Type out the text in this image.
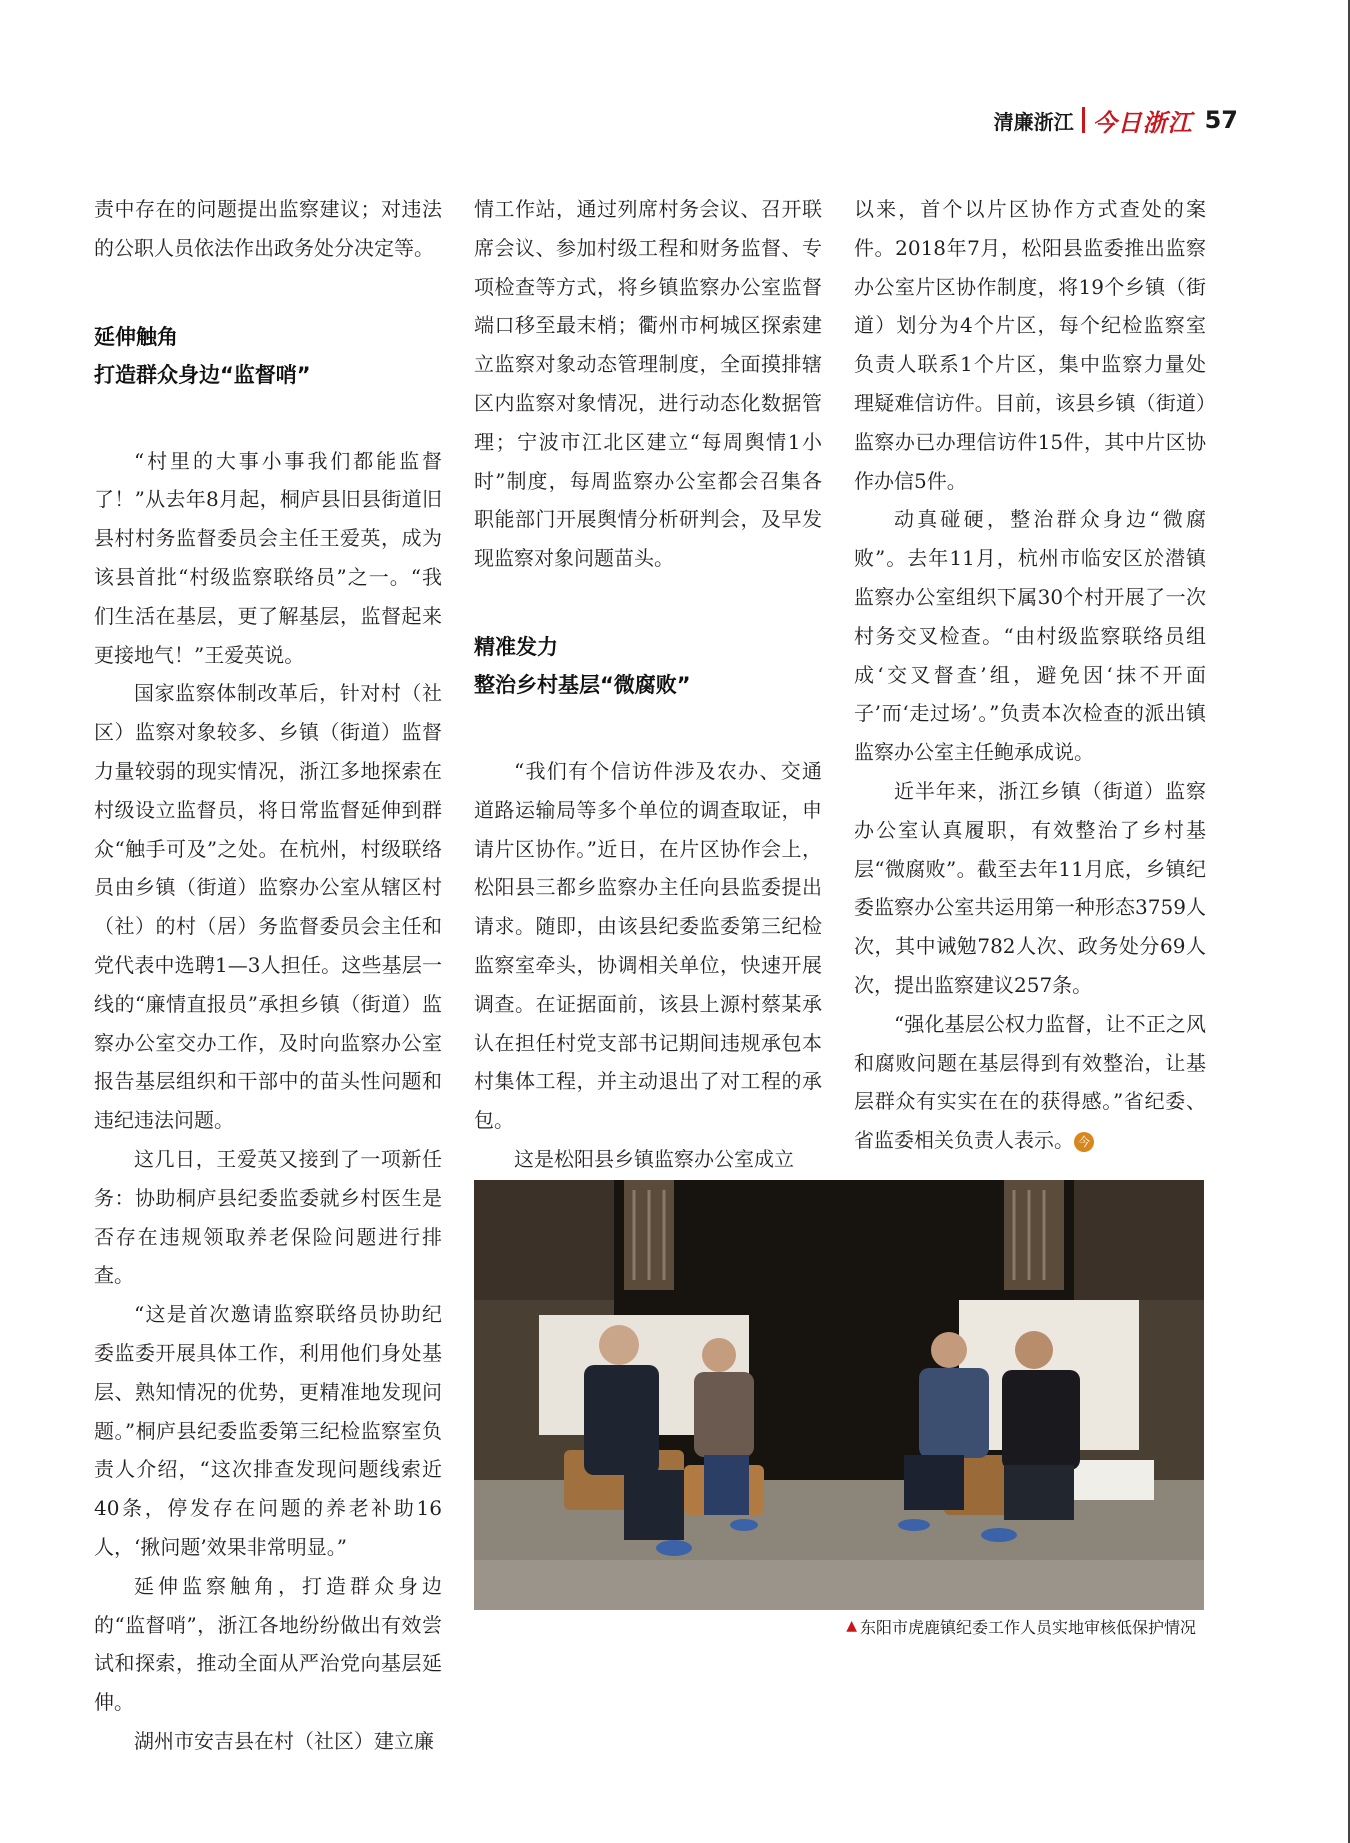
清廉浙江 今日浙江 57

责中存在的问题提出监察建议；对违法的公职人员依法作出政务处分决定等。

延伸触角
打造群众身边“监督哨”

“村里的大事小事我们都能监督了！”从去年8月起，桐庐县旧县街道旧县村村务监督委员会主任王爱英，成为该县首批“村级监察联络员”之一。“我们生活在基层，更了解基层，监督起来更接地气！”王爱英说。

国家监察体制改革后，针对村（社区）监察对象较多、乡镇（街道）监督力量较弱的现实情况，浙江多地探索在村级设立监督员，将日常监督延伸到群众“触手可及”之处。在杭州，村级联络员由乡镇（街道）监察办公室从辖区村（社）的村（居）务监督委员会主任和党代表中选聘1—3人担任。这些基层一线的“廉情直报员”承担乡镇（街道）监察办公室交办工作，及时向监察办公室报告基层组织和干部中的苗头性问题和违纪违法问题。

这几日，王爱英又接到了一项新任务：协助桐庐县纪委监委就乡村医生是否存在违规领取养老保险问题进行排查。

“这是首次邀请监察联络员协助纪委监委开展具体工作，利用他们身处基层、熟知情况的优势，更精准地发现问题。”桐庐县纪委监委第三纪检监察室负责人介绍，“这次排查发现问题线索近40条，停发存在问题的养老补助16人，‘揪问题’效果非常明显。”

延伸监察触角，打造群众身边的“监督哨”，浙江各地纷纷做出有效尝试和探索，推动全面从严治党向基层延伸。

湖州市安吉县在村（社区）建立廉

情工作站，通过列席村务会议、召开联席会议、参加村级工程和财务监督、专项检查等方式，将乡镇监察办公室监督端口移至最末梢；衢州市柯城区探索建立监察对象动态管理制度，全面摸排辖区内监察对象情况，进行动态化数据管理；宁波市江北区建立“每周舆情1小时”制度，每周监察办公室都会召集各职能部门开展舆情分析研判会，及早发现监察对象问题苗头。

精准发力
整治乡村基层“微腐败”

“我们有个信访件涉及农办、交通道路运输局等多个单位的调查取证，申请片区协作。”近日，在片区协作会上，松阳县三都乡监察办主任向县监委提出请求。随即，由该县纪委监委第三纪检监察室牵头，协调相关单位，快速开展调查。在证据面前，该县上源村蔡某承认在担任村党支部书记期间违规承包本村集体工程，并主动退出了对工程的承包。

这是松阳县乡镇监察办公室成立

以来，首个以片区协作方式查处的案件。2018年7月，松阳县监委推出监察办公室片区协作制度，将19个乡镇（街道）划分为4个片区，每个纪检监察室负责人联系1个片区，集中监察力量处理疑难信访件。目前，该县乡镇（街道）监察办已办理信访件15件，其中片区协作办信5件。

动真碰硬，整治群众身边“微腐败”。去年11月，杭州市临安区於潜镇监察办公室组织下属30个村开展了一次村务交叉检查。“由村级监察联络员组成‘交叉督查’组，避免因‘抹不开面子’而‘走过场’。”负责本次检查的派出镇监察办公室主任鲍承成说。

近半年来，浙江乡镇（街道）监察办公室认真履职，有效整治了乡村基层“微腐败”。截至去年11月底，乡镇纪委监察办公室共运用第一种形态3759人次，其中诫勉782人次、政务处分69人次，提出监察建议257条。

“强化基层公权力监督，让不正之风和腐败问题在基层得到有效整治，让基层群众有实实在在的获得感。”省纪委、省监委相关负责人表示。 今

▲ 东阳市虎鹿镇纪委工作人员实地审核低保护情况
